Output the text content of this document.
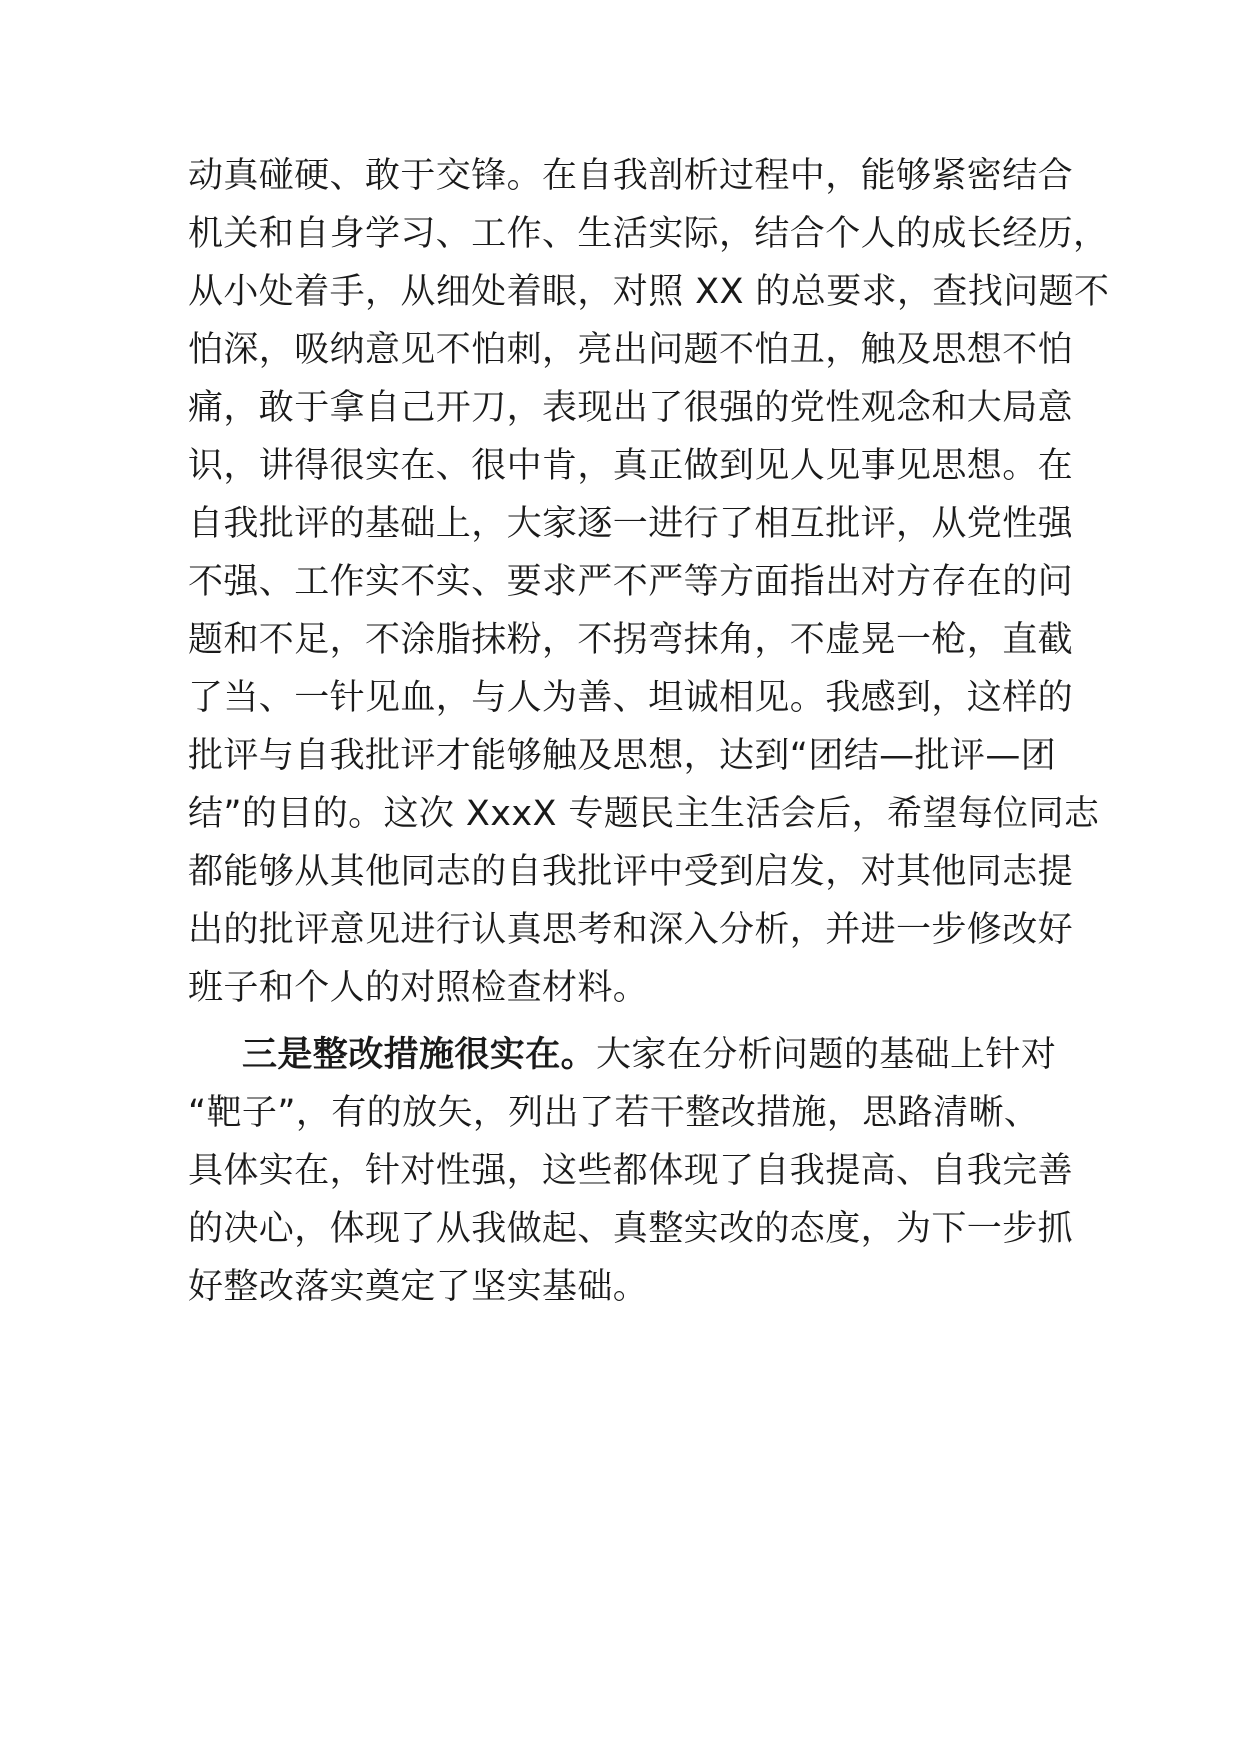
动真碰硬、敢于交锋。在自我剖析过程中，能够紧密结合
机关和自身学习、工作、生活实际，结合个人的成长经历，
从小处着手，从细处着眼，对照 XX 的总要求，查找问题不
怕深，吸纳意见不怕刺，亮出问题不怕丑，触及思想不怕
痛，敢于拿自己开刀，表现出了很强的党性观念和大局意
识，讲得很实在、很中肯，真正做到见人见事见思想。在
自我批评的基础上，大家逐一进行了相互批评，从党性强
不强、工作实不实、要求严不严等方面指出对方存在的问
题和不足，不涂脂抹粉，不拐弯抹角，不虚晃一枪，直截
了当、一针见血，与人为善、坦诚相见。我感到，这样的
批评与自我批评才能够触及思想，达到“团结—批评—团
结”的目的。这次 XxxX 专题民主生活会后，希望每位同志
都能够从其他同志的自我批评中受到启发，对其他同志提
出的批评意见进行认真思考和深入分析，并进一步修改好
班子和个人的对照检查材料。
三是整改措施很实在。大家在分析问题的基础上针对
“靶子”，有的放矢，列出了若干整改措施，思路清晰、
具体实在，针对性强，这些都体现了自我提高、自我完善
的决心，体现了从我做起、真整实改的态度，为下一步抓
好整改落实奠定了坚实基础。
